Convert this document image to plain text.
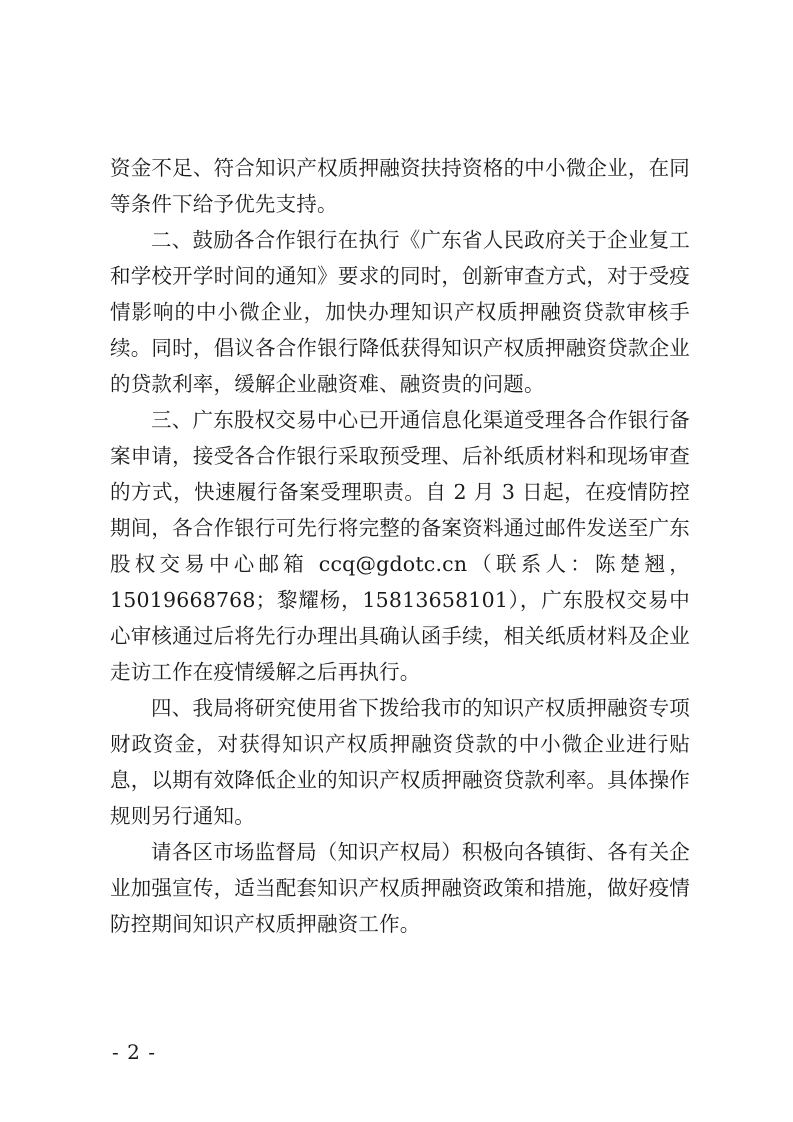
资金不足、符合知识产权质押融资扶持资格的中小微企业，在同等条件下给予优先支持。

二、鼓励各合作银行在执行《广东省人民政府关于企业复工和学校开学时间的通知》要求的同时，创新审查方式，对于受疫情影响的中小微企业，加快办理知识产权质押融资贷款审核手续。同时，倡议各合作银行降低获得知识产权质押融资贷款企业的贷款利率，缓解企业融资难、融资贵的问题。

三、广东股权交易中心已开通信息化渠道受理各合作银行备案申请，接受各合作银行采取预受理、后补纸质材料和现场审查的方式，快速履行备案受理职责。自 2 月 3 日起，在疫情防控期间，各合作银行可先行将完整的备案资料通过邮件发送至广东股权交易中心邮箱 ccq@gdotc.cn（联系人：陈楚翘，15019668768；黎耀杨，15813658101），广东股权交易中心审核通过后将先行办理出具确认函手续，相关纸质材料及企业走访工作在疫情缓解之后再执行。

四、我局将研究使用省下拨给我市的知识产权质押融资专项财政资金，对获得知识产权质押融资贷款的中小微企业进行贴息，以期有效降低企业的知识产权质押融资贷款利率。具体操作规则另行通知。

请各区市场监督局（知识产权局）积极向各镇街、各有关企业加强宣传，适当配套知识产权质押融资政策和措施，做好疫情防控期间知识产权质押融资工作。

- 2 -
